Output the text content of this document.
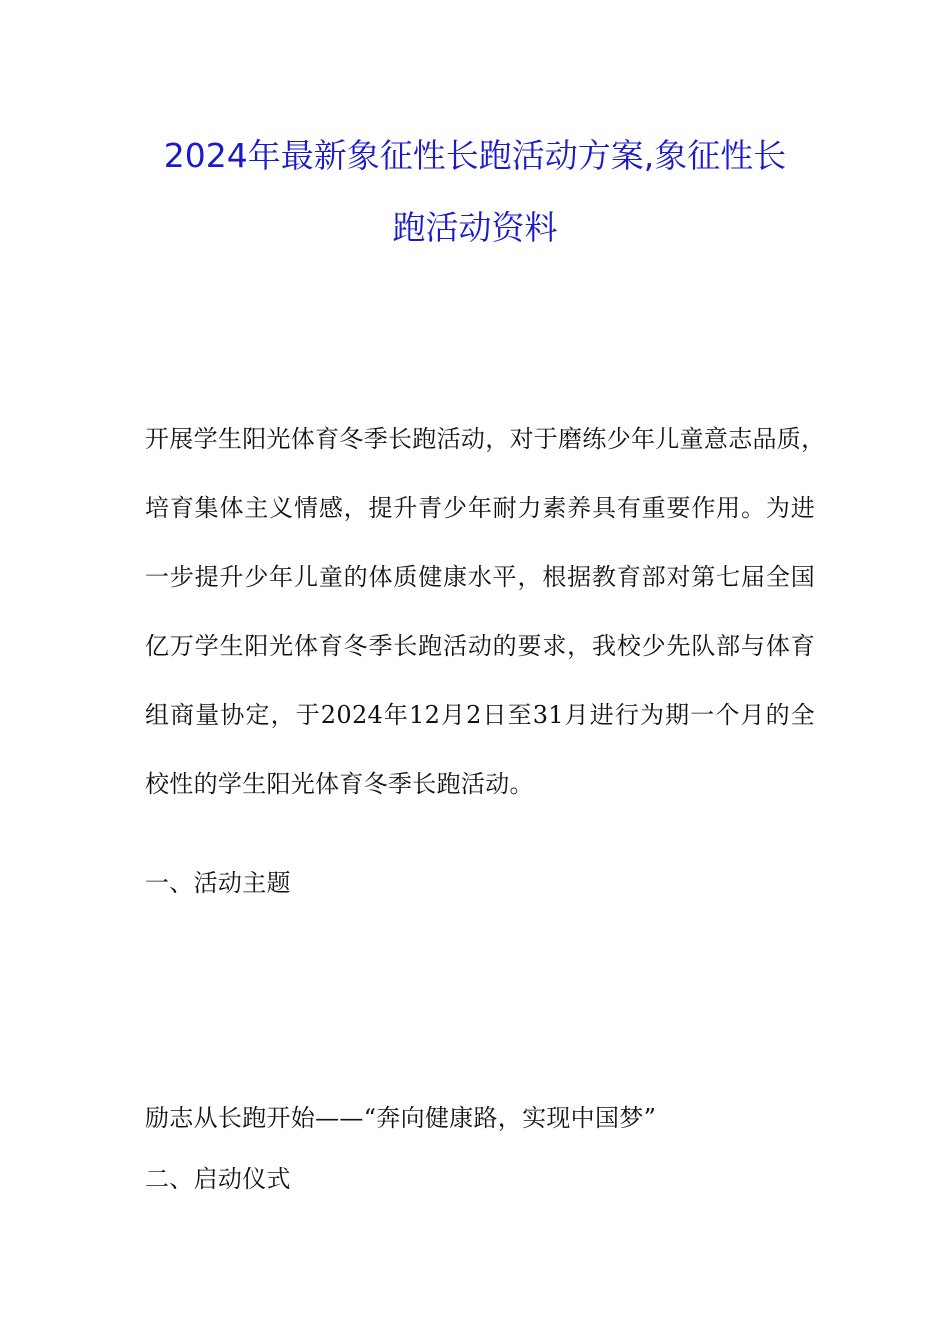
2024年最新象征性长跑活动方案,象征性长
跑活动资料
开展学生阳光体育冬季长跑活动，对于磨练少年儿童意志品质，
培育集体主义情感，提升青少年耐力素养具有重要作用。为进
一步提升少年儿童的体质健康水平，根据教育部对第七届全国
亿万学生阳光体育冬季长跑活动的要求，我校少先队部与体育
组商量协定，于2024年12月2日至31月进行为期一个月的全
校性的学生阳光体育冬季长跑活动。
一、活动主题
励志从长跑开始——“奔向健康路，实现中国梦”
二、启动仪式
